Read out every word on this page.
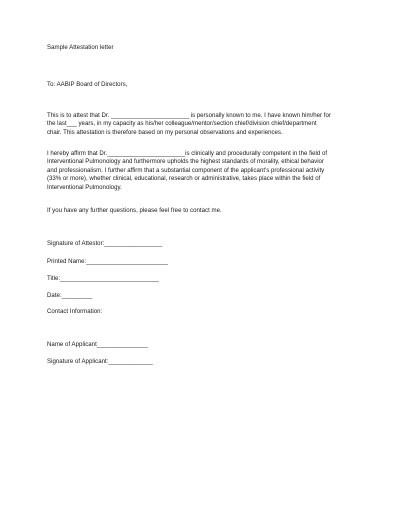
Sample Attestation letter
To: AABIP Board of Directors,
This is to attest that Dr. _______________________ is personally known to me. I have known him/her for
the last___ years, in my capacity as his/her colleague/mentor/section chief/division chief/department
chair. This attestation is therefore based on my personal observations and experiences.
I hereby affirm that Dr._______________________is clinically and procedurally competent in the field of
Interventional Pulmonology and furthermore upholds the highest standards of morality, ethical behavior
and professionalism. I further affirm that a substantial component of the applicant’s professional activity
(33% or more), whether clinical, educational, research or administrative, takes place within the field of
Interventional Pulmonology.
If you have any further questions, please feel free to contact me.
Signature of Attestor:_________________
Printed Name:________________________
Title:_____________________________
Date:_________
Contact Information:
Name of Applicant_______________
Signature of Applicant:_____________
